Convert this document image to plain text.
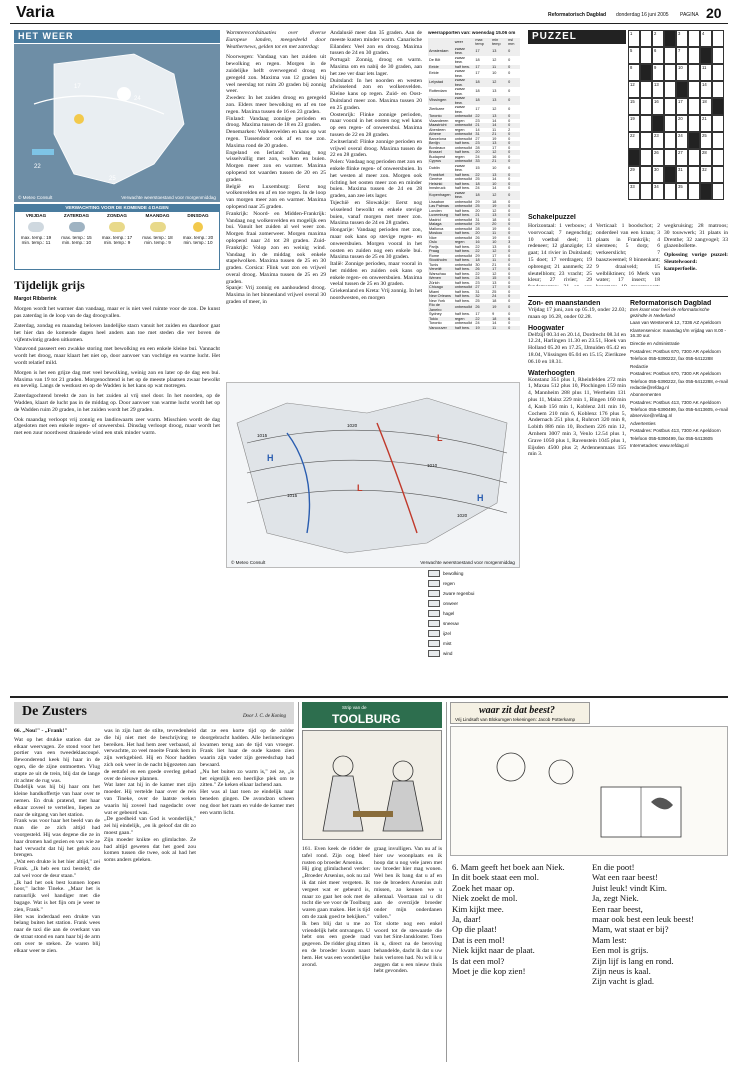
Varia	Reformatorisch Dagblad donderdag 16 juni 2005 PAGINA 20
HET WEER
17
24
22
25
© Meteo Consult	Verwachte weerstoestand voor morgenmiddag
VERWACHTING VOOR DE KOMENDE 4 DAGEN
VRIJDAG
max. temp.: 19
min. temp.: 11
ZATERDAG
max. temp.: 15
min. temp.: 10
ZONDAG
max. temp.: 17
min. temp.: 9
MAANDAG
max. temp.: 18
min. temp.: 9
DINSDAG
max. temp.: 20
min. temp.: 10
Tijdelijk grijs
Margot Ribberink

Morgen wordt het warmer dan vandaag, maar er is niet veel ruimte voor de zon. De kunst pas zaterdag in de loop van de dag droogvallen.

Zaterdag, zondag en maandag beloven landelijke stacn vanuit het zuiden en daardoor gaat het hier dan de komende dagen heel anders aan toe met steden die ver boven de vijfentwintig graden uitkomen.

Vanavond passeert een zwakke storing met bewolking en een enkele kleine bui. Vannacht wordt het droog, maar klaart het niet op, door aanvoer van vochtige en warme lucht. Het wordt relatief mild.

Morgen is het een grijze dag met veel bewolking, weinig zon en later op de dag een bui. Maxima van 19 tot 21 graden. Morgenochtend is het op de meeste plaatsen zwaar bewolkt en nevelig. Langs de westkust en op de Wadden is het kans op wat motregen.

Zaterdagochtend breekt de zon in het zuiden al vrij snel door. In het noorden, op de Wadden, klaart de lucht pas in de middag op. Door aanvoer van warme lucht wordt het op de Wadden ruim 20 graden, in het zuiden wordt het 29 graden.

Ook maandag verloopt vrij zonnig en landinwaarts zeer warm. Misschien wordt de dag afgesloten met een enkele regen- of onweersbui. Dinsdag verloopt droog, maar wordt het met een zuur noordwest draaiende wind een stuk minder warm.

Warmterecordsituaties over diverse Europese landen, meegedeeld door Weathernews, gelden tot en met zaterdag:

Noorwegen: Vandaag van het zuiden uit bewolking en regen. Morgen in de zuidelijke helft overwegend droog en geregeld zon. Maxima van 12 graden bij veel neerslag tot ruim 20 graden bij zonnig weer.

Zweden: In het zuiden droog en geregeld zon. Elders meer bewolking en af en toe regen. Maxima tussen de 16 en 23 graden.

Finland: Vandaag zonnige perioden en droog. Maxima tussen de 18 en 23 graden.

Denemarken: Wolkenvelden en kans op wat regen. Tussendoor ook af en toe zon. Maxima rond de 20 graden.

Engeland en Ierland: Vandaag nog wisselvallig met zon, wolken en buien. Morgen meer zon en warmer. Maxima oplopend tot waarden tussen de 20 en 25 graden.

België en Luxemburg: Eerst nog wolkenvelden en af en toe regen. In de loop van morgen meer zon en warmer. Maxima oplopend naar 25 graden.

Frankrijk: Noord- en Midden-Frankrijk: Vandaag nog wolkenvelden en mogelijk een bui. Vanuit het zuiden al wel weer zon. Morgen fraai zomerweer. Morgen maxima oplopend naar 24 tot 28 graden. Zuid-Frankrijk: Volop zon en weinig wind. Vandaag in de middag ook enkele stapelwolken. Maxima tussen de 25 en 30 graden. Corsica: Flink wat zon en vrijwel overal droog. Maxima tussen de 25 en 29 graden.

Spanje: Vrij zonnig en aanhoudend droog. Maxima in het binnenland vrijwel overal 30 graden of meer, in

Andalusië meer dan 35 graden. Aan de meeste kusten minder warm. Canarische Eilanden: Veel zon en droog. Maxima tussen de 24 en 30 graden.

Portugal: Zonnig, droog en warm. Maxima om en nabij de 30 graden, aan het zee ver daar iets lager.

Duitsland: In het noorden en westen afwisselend zon en wolkenvelden. Kleine kans op regen. Zuid- en Oost-Duitsland meer zon. Maxima tussen 20 en 25 graden.

Oostenrijk: Flinke zonnige perioden, maar vooral in het oosten nog wel kans op een regen- of onweersbui. Maxima tussen de 22 en 28 graden.

Zwitserland: Flinke zonnige perioden en vrijwel overal droog. Maxima tussen de 22 en 28 graden.

Polen: Vandaag nog perioden met zon en enkele flinke regen- of onweersbuien. In het westen al meer zon. Morgen ook richting het oosten meer zon en minder buien. Maxima tussen de 24 en 28 graden, aan zee iets lager.

Tsjechië en Slowakije: Eerst nog wisselend bewolkt en enkele stevige buien, vanaf morgen met meer zon. Maxima tussen de 24 en 28 graden.

Hongarije: Vandaag perioden met zon, maar ook kans op stevige regen- en onweersbuien. Morgen vooral in het oosten en zuiden nog een enkele bui. Maxima tussen de 25 en 30 graden.

Italië: Zonnige perioden, maar vooral in het midden en zuiden ook kans op enkele regen- en onweersbuien. Maxima veelal tussen de 25 en 30 graden.

Griekenland en Kreta: Vrij zonnig. In het noordwesten, en morgen

weerrapporten van: woensdag 15.06 om
	weer	max temp	min temp	nsl mm
Amsterdam	zwaar bew.	17	13	0
De Bilt	zwaar bew.	18	12	0
Eelde	half bew.	17	11	0
Eelde	zwaar bew.	17	10	0
Lelystad	zwaar bew.	18	12	0
Rotterdam	zwaar bew.	18	13	0
Vlissingen	zwaar bew.	18	13	0
Zierikzee	zwaar bew.	17	12	0
Toronto	onbewolkt	22	13	0
Vlaanderen	regen	23	14	0
Maastricht	onbewolkt	21	14	0
Aberdeen	regen	14	11	2
Athene	onbewolkt	31	21	0
Barcelona	onbewolkt	27	19	0
Berlijn	half bew.	23	13	0
Bordeaux	onbewolkt	28	17	0
Brussel	half bew.	20	12	0
Budapest	regen	24	16	0
Cyprus	onbewolkt	33	21	0
Dublin	zwaar bew.	15	10	0
Frankfurt	half bew.	22	13	0
Genève	onbewolkt	25	14	0
Helsinki	half bew.	18	10	0
Innsbruck	half bew.	24	14	0
Kopenhagen	zwaar bew.	18	12	0
Lissabon	onbewolkt	29	18	0
Las Palmas	onbewolkt	25	19	0
Londen	half bew.	20	12	0
Luxemburg	half bew.	21	13	0
Madrid	onbewolkt	31	18	0
Malaga	onbewolkt	29	20	0
Mallorca	onbewolkt	28	19	0
Moskou	half bew.	20	11	0
Nice	onbewolkt	26	19	0
Oslo	regen	16	10	3
Parijs	half bew.	22	13	0
Praag	half bew.	22	12	0
Rome	onbewolkt	29	17	0
Stockholm	half bew.	18	11	0
Tunis	onbewolkt	30	21	0
Venetië	half bew.	26	17	0
Warschau	half bew.	22	12	0
Wenen	half bew.	24	15	0
Zürich	half bew.	23	13	0
Chicago	onbewolkt	27	17	0
Miami	half bew.	31	25	0
New Orleans	half bew.	32	24	0
New York	half bew.	25	18	0
Rio de Janeiro	onbewolkt	26	19	0
Sydney	half bew.	17	9	0
Tokio	regen	22	18	6
Toronto	onbewolkt	24	14	0
Vancouver	half bew.	19	11	0
1015
1020
1010
1015
1020
H
L
L
H
© Meteo Consult	Verwachte weerstoestand voor morgenmiddag
bewolking
regen
zware regenbui
onweer
hagel
sneeuw
ijzel
mist
wind
PUZZEL	1	2	3	4
5	6	7
8	9	10	11
12	13	14
15	16	17	18
19	20	21
22	23	24	25
26	27	28
29	30	31	32
33	34	35
Schakelpuzzel

Horizontaal: 1 verbouw; 4 voorvocaal; 7 negenchtig; 10 voetbal deel; 11 redeneer; 12 glanzigde; 13 gaat; 14 rivier in Duitsland; 15 doet; 17 verdragen; 19 opbrengst; 21 aanmerk; 22 sleutelblom; 23 vracht; 25 kleur; 27 rivier; 29

Verticaal: 1 boodschot; 2 onderdeel van een kraan; 3 plaats in Frankrijk; 4 siersteen; 5 dorp; 6 verkeerslicht; 7 baaszweemel; 8 binnenkant; 9 draaiveld; 15 welbliktinen; 16 Merk van water; 17 insect; 18

wegkruising; 28 matroos; 30 touwwerk; 31 plaats in Drenthe; 32 zangvogel; 33 glazenbollette.

Oplossing vorige puzzel: Sleutelwoord: kamperfoelie.

Zon- en maanstanden

Vrijdag 17 juni, zon op 05.19, onder 22.03; maan op 16.28, onder 02.28.

Hoogwater

Delfzijl 00.34 en 20.14, Dordrecht 08.34 en 12.24, Harlingen 11.30 en 23.51, Hoek van Holland 05.20 en 17.25, IJmuiden 05.42 en 18.04, Vlissingen 05.04 en 15.15; Zierikzee 06.10 en 18.31.

Waterhoogten

Konstanz 351 plus 1, Rheinfelden 272 min 1, Maxau 512 plus 10, Plochingen 159 min 4, Mannheim 288 plus 11, Wertheim 131 plus 11, Mainz 229 min 1, Bingen 160 min 4, Kaub 156 min 1, Koblenz 241 min 10, Cochem 210 min 6, Koblenz 176 plus 5, Andernach 251 plus 4, Ruhrort 320 min 8, Lobith 886 min 10, Bochem 226 min 12, Arnhem 3007 min 3, Venlo 12.54 plus 1, Grave 1050 plus 1, Ravenstein 1045 plus 1, Eijsden 4500 plus 2; Ardennenmaas 155 min 3.

Reformatorisch Dagblad
Een krant voor heel de reformatorische gezindte in Nederland
Laan van Westenenk 12, 7336 AZ Apeldoorn
Klantenservice: maandag t/m vrijdag van 8.00 - 16.30 uur.
Directie en Administratie
Postadres: Postbus 670, 7300 AR Apeldoorn
Telefoon 055-5390222, fax 055-5412288
Redactie
Postadres: Postbus 670, 7300 AR Apeldoorn
Telefoon 055-5390222, fax 055-5412288, e-mail redactie@refdag.nl
Abonnementen
Postadres: Postbus 413, 7300 AK Apeldoorn
Telefoon 055-5390499, fax 055-5413605, e-mail abservice@refdag.nl
Advertenties
Postadres: Postbus 413, 7300 AK Apeldoorn
Telefoon 055-5390499, fax 055-5413605
Internetadres: www.refdag.nl
De Zusters	Door J. C. de Koning
66. „Nou!" - „Frank!"

Wat op het drukke station dat ze elkaar weervagen. Ze stond voor het portier van een tweedeklascoupé. Bewonderend keek hij haar in de ogen, die de zijne ontmoetten. Vlug stapte ze uit de trein, blij dat de lange rit achter de rug was.

Dadelijk was hij bij haar om het kleine handkoffertje van haar over te nemen. En druk pratend, met haar elkaar zoveel te vertellen, liepen ze naar de uitgang van het station.

Frank was voor haar het beeld van de man die ze zich altijd had voorgesteld. Hij was degene die ze in haar dromen had gezien en van wie ze had verwacht dat hij het geluk zou brengen.

„Wat een drukte is het hier altijd," zei Frank. „Ik heb een taxi besteld; die zal wel voor de deur staan."

„Ik had het ook best kunnen lopen hoor," lachte Tineke. „Maar het is natuurlijk wel handiger met die bagage. Wat is het fijn om je weer te zien, Frank."

Het was inderdaad een drukte van belang buiten het station. Frank wees naar de taxi die aan de overkant van de straat stond en nam haar bij de arm om over te steken. Ze waren blij elkaar weer te zien.

was in zijn hart de stilte, tevredenheid die hij niet met de beschrijving te bereiken. Het had hem zeer verbaasd, al verwachtte, zo veel moeite Frank hem in zijn werkgebied. Hij en Noor hadden zich ook weer in de nacht bijgezeten aan de eettafel en een goede overleg gehad over de nieuwe plannen.

Wat later zat hij in de kamer met zijn moeder. Hij vertelde haar over de reis van Tineke, over de laatste weken waarin hij zoveel had nagedacht over wat er gebeurd was.

„De goedheid van God is wonderlijk," zei hij eindelijk, „en ik geloof dat dit zo moest gaan."

Zijn moeder knikte en glimlachte. Ze had altijd geweten dat het goed zou komen tussen die twee, ook al had het soms anders geleken.

dat ze een korte tijd op de zolder doorgebracht hadden. Alle herinneringen kwamen terug aan de tijd van vroeger. Frank liet haar de oude kasten zien waarin zijn vader zijn gereedschap had bewaard.

„Nu het buiten zo warm is," zei ze, „is het eigenlijk een heerlijke plek om te zitten." Ze keken elkaar lachend aan.

Het was al laat toen ze eindelijk naar beneden gingen. De avondzon scheen nog door het raam en vulde de kamer met een warm licht.

Strip van de
TOOLBURG

161. Even keek de ridder de tafel rond. Zijn oog bleef rusten op broeder Arsenius.

Hij ging glimlachend verder: „Broeder Arsenius, ook nu zal ik dat niet meer vergeten. Ik vergeet wat er gebeurd is, maar zo gaat het ook met de tocht die we voor de Toolburg waren gaan maken. Het is tijd om de zaak goed te bekijken."

Ik ben blij dat u me zo vriendelijk hebt ontvangen. U hebt ons een goede raad gegeven. De ridder ging zitten en de broeder kwam naast hem. Het was een wonderlijke avond.

graag invulligen. Van nu af is hier uw woonplaats en ik hoop dat u nog vele jaren met uw broeder hier mag wonen. Wel ben ik bang dat u af en toe de broeders Arsenius zult missen, zo kennen we u allemaal. Voortaan zal u dit aan de overzijde broeder onder mijn onderdanen vallen."

Tot slotte nog een enkel woord tot de stewaarde die van het Sint-Janskloster. Toen ik u, direct na de beroving behandelde, dacht ik dat u uw huis verloren had. Nu wil ik u zeggen dat u een nieuw thuis hebt gevonden.

waar zit dat beest?
Vrij Lindsaft van Blokumgen tekeningen: Jacob Potterkamp
6. Mam geeft het boek aan Niek.
In dit boek staat een mol.
Zoek het maar op.
Niek zoekt de mol.
Kim kijkt mee.
Ja, daar!
Op die plaat!
Dat is een mol!
Niek kijkt naar de plaat.
Is dat een mol?
Moet je die kop zien!
En die poot!
Wat een raar beest!
Juist leuk! vindt Kim.
Ja, zegt Niek.
Een raar beest,
maar ook best een leuk beest!
Mam, wat staat er bij?
Mam lest:
Een mol is grijs.
Zijn lijf is lang en rond.
Zijn neus is kaal.
Zijn vacht is glad.
